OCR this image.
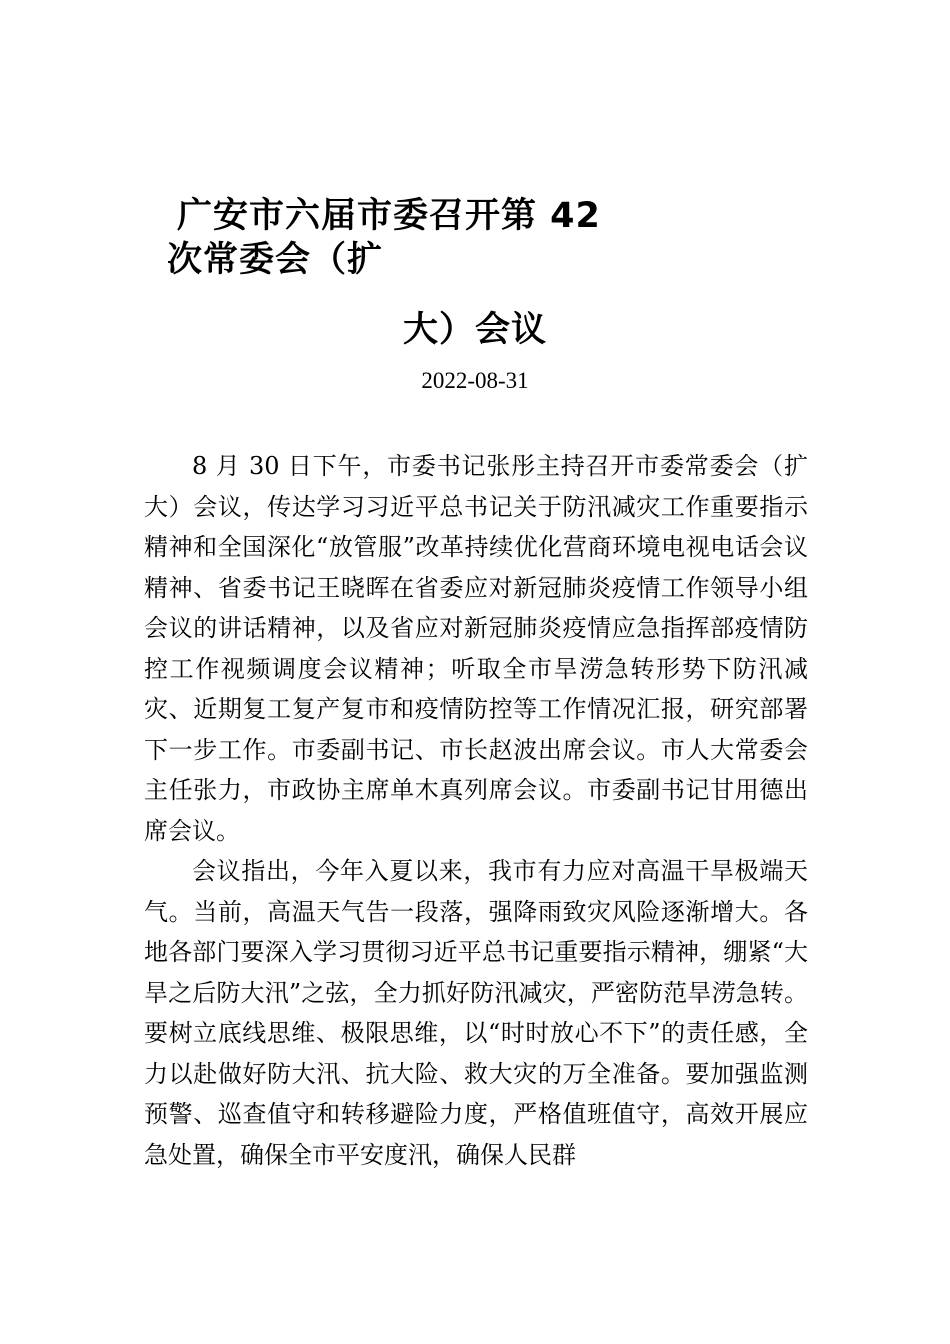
广安市六届市委召开第 42
次常委会（扩
大）会议
2022-08-31

8 月 30 日下午，市委书记张彤主持召开市委常委会（扩大）会议，传达学习习近平总书记关于防汛减灾工作重要指示精神和全国深化“放管服”改革持续优化营商环境电视电话会议精神、省委书记王晓晖在省委应对新冠肺炎疫情工作领导小组会议的讲话精神，以及省应对新冠肺炎疫情应急指挥部疫情防控工作视频调度会议精神；听取全市旱涝急转形势下防汛减灾、近期复工复产复市和疫情防控等工作情况汇报，研究部署下一步工作。市委副书记、市长赵波出席会议。市人大常委会主任张力，市政协主席单木真列席会议。市委副书记甘用德出席会议。

会议指出，今年入夏以来，我市有力应对高温干旱极端天气。当前，高温天气告一段落，强降雨致灾风险逐渐增大。各地各部门要深入学习贯彻习近平总书记重要指示精神，绷紧“大旱之后防大汛”之弦，全力抓好防汛减灾，严密防范旱涝急转。要树立底线思维、极限思维，以“时时放心不下”的责任感，全力以赴做好防大汛、抗大险、救大灾的万全准备。要加强监测预警、巡查值守和转移避险力度，严格值班值守，高效开展应急处置，确保全市平安度汛，确保人民群
